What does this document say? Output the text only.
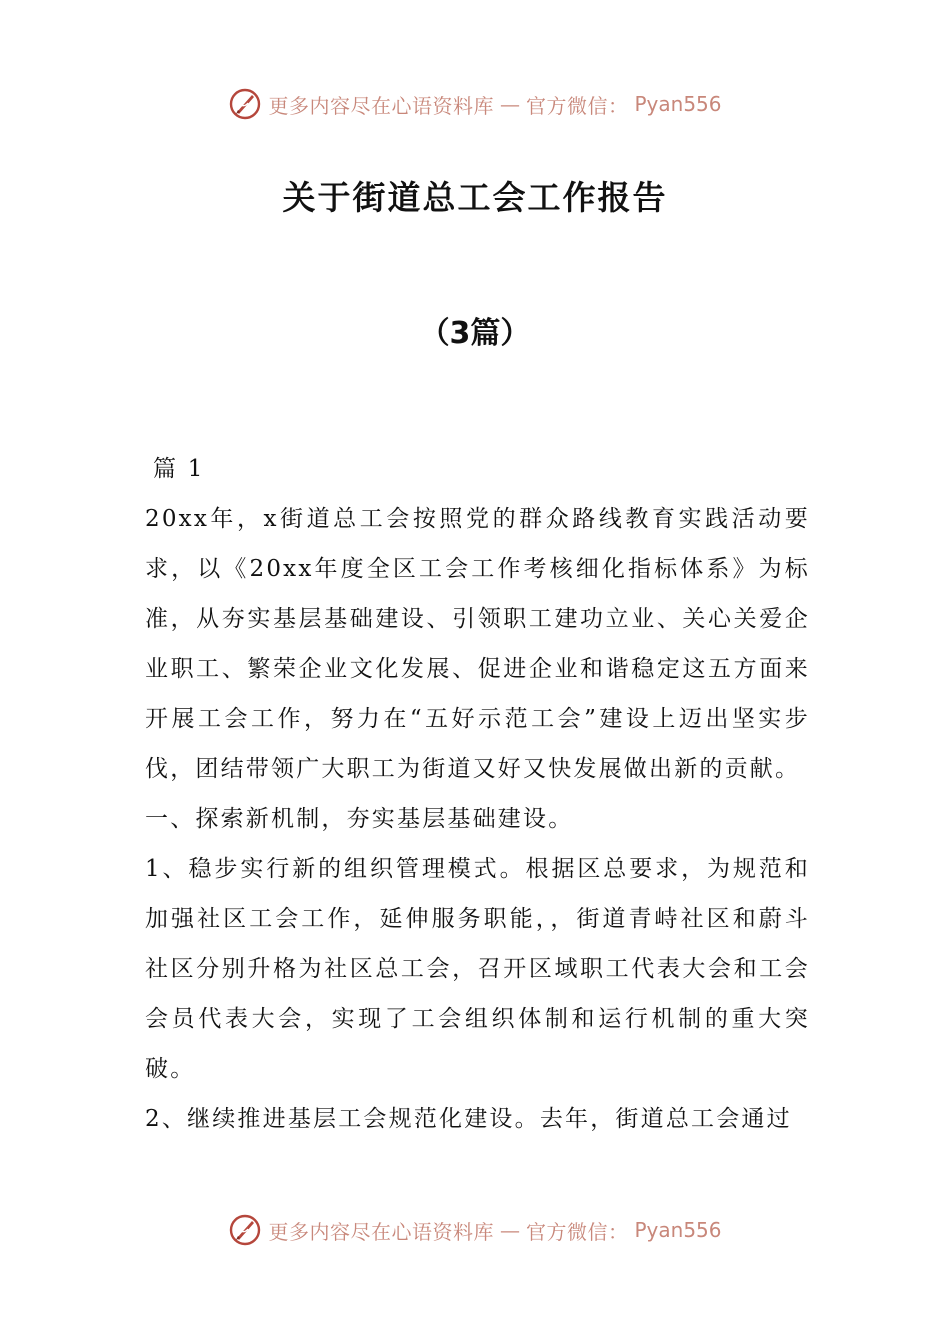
更多内容尽在心语资料库 — 官方微信： Pyan556
关于街道总工会工作报告
（3篇）

篇 1

20xx年，x街道总工会按照党的群众路线教育实践活动要求，以《20xx年度全区工会工作考核细化指标体系》为标准，从夯实基层基础建设、引领职工建功立业、关心关爱企业职工、繁荣企业文化发展、促进企业和谐稳定这五方面来开展工会工作，努力在“五好示范工会”建设上迈出坚实步伐，团结带领广大职工为街道又好又快发展做出新的贡献。

一、探索新机制，夯实基层基础建设。

1、稳步实行新的组织管理模式。根据区总要求，为规范和加强社区工会工作，延伸服务职能，，街道青峙社区和蔚斗社区分别升格为社区总工会，召开区域职工代表大会和工会会员代表大会，实现了工会组织体制和运行机制的重大突破。

2、继续推进基层工会规范化建设。去年，街道总工会通过

更多内容尽在心语资料库 — 官方微信： Pyan556
